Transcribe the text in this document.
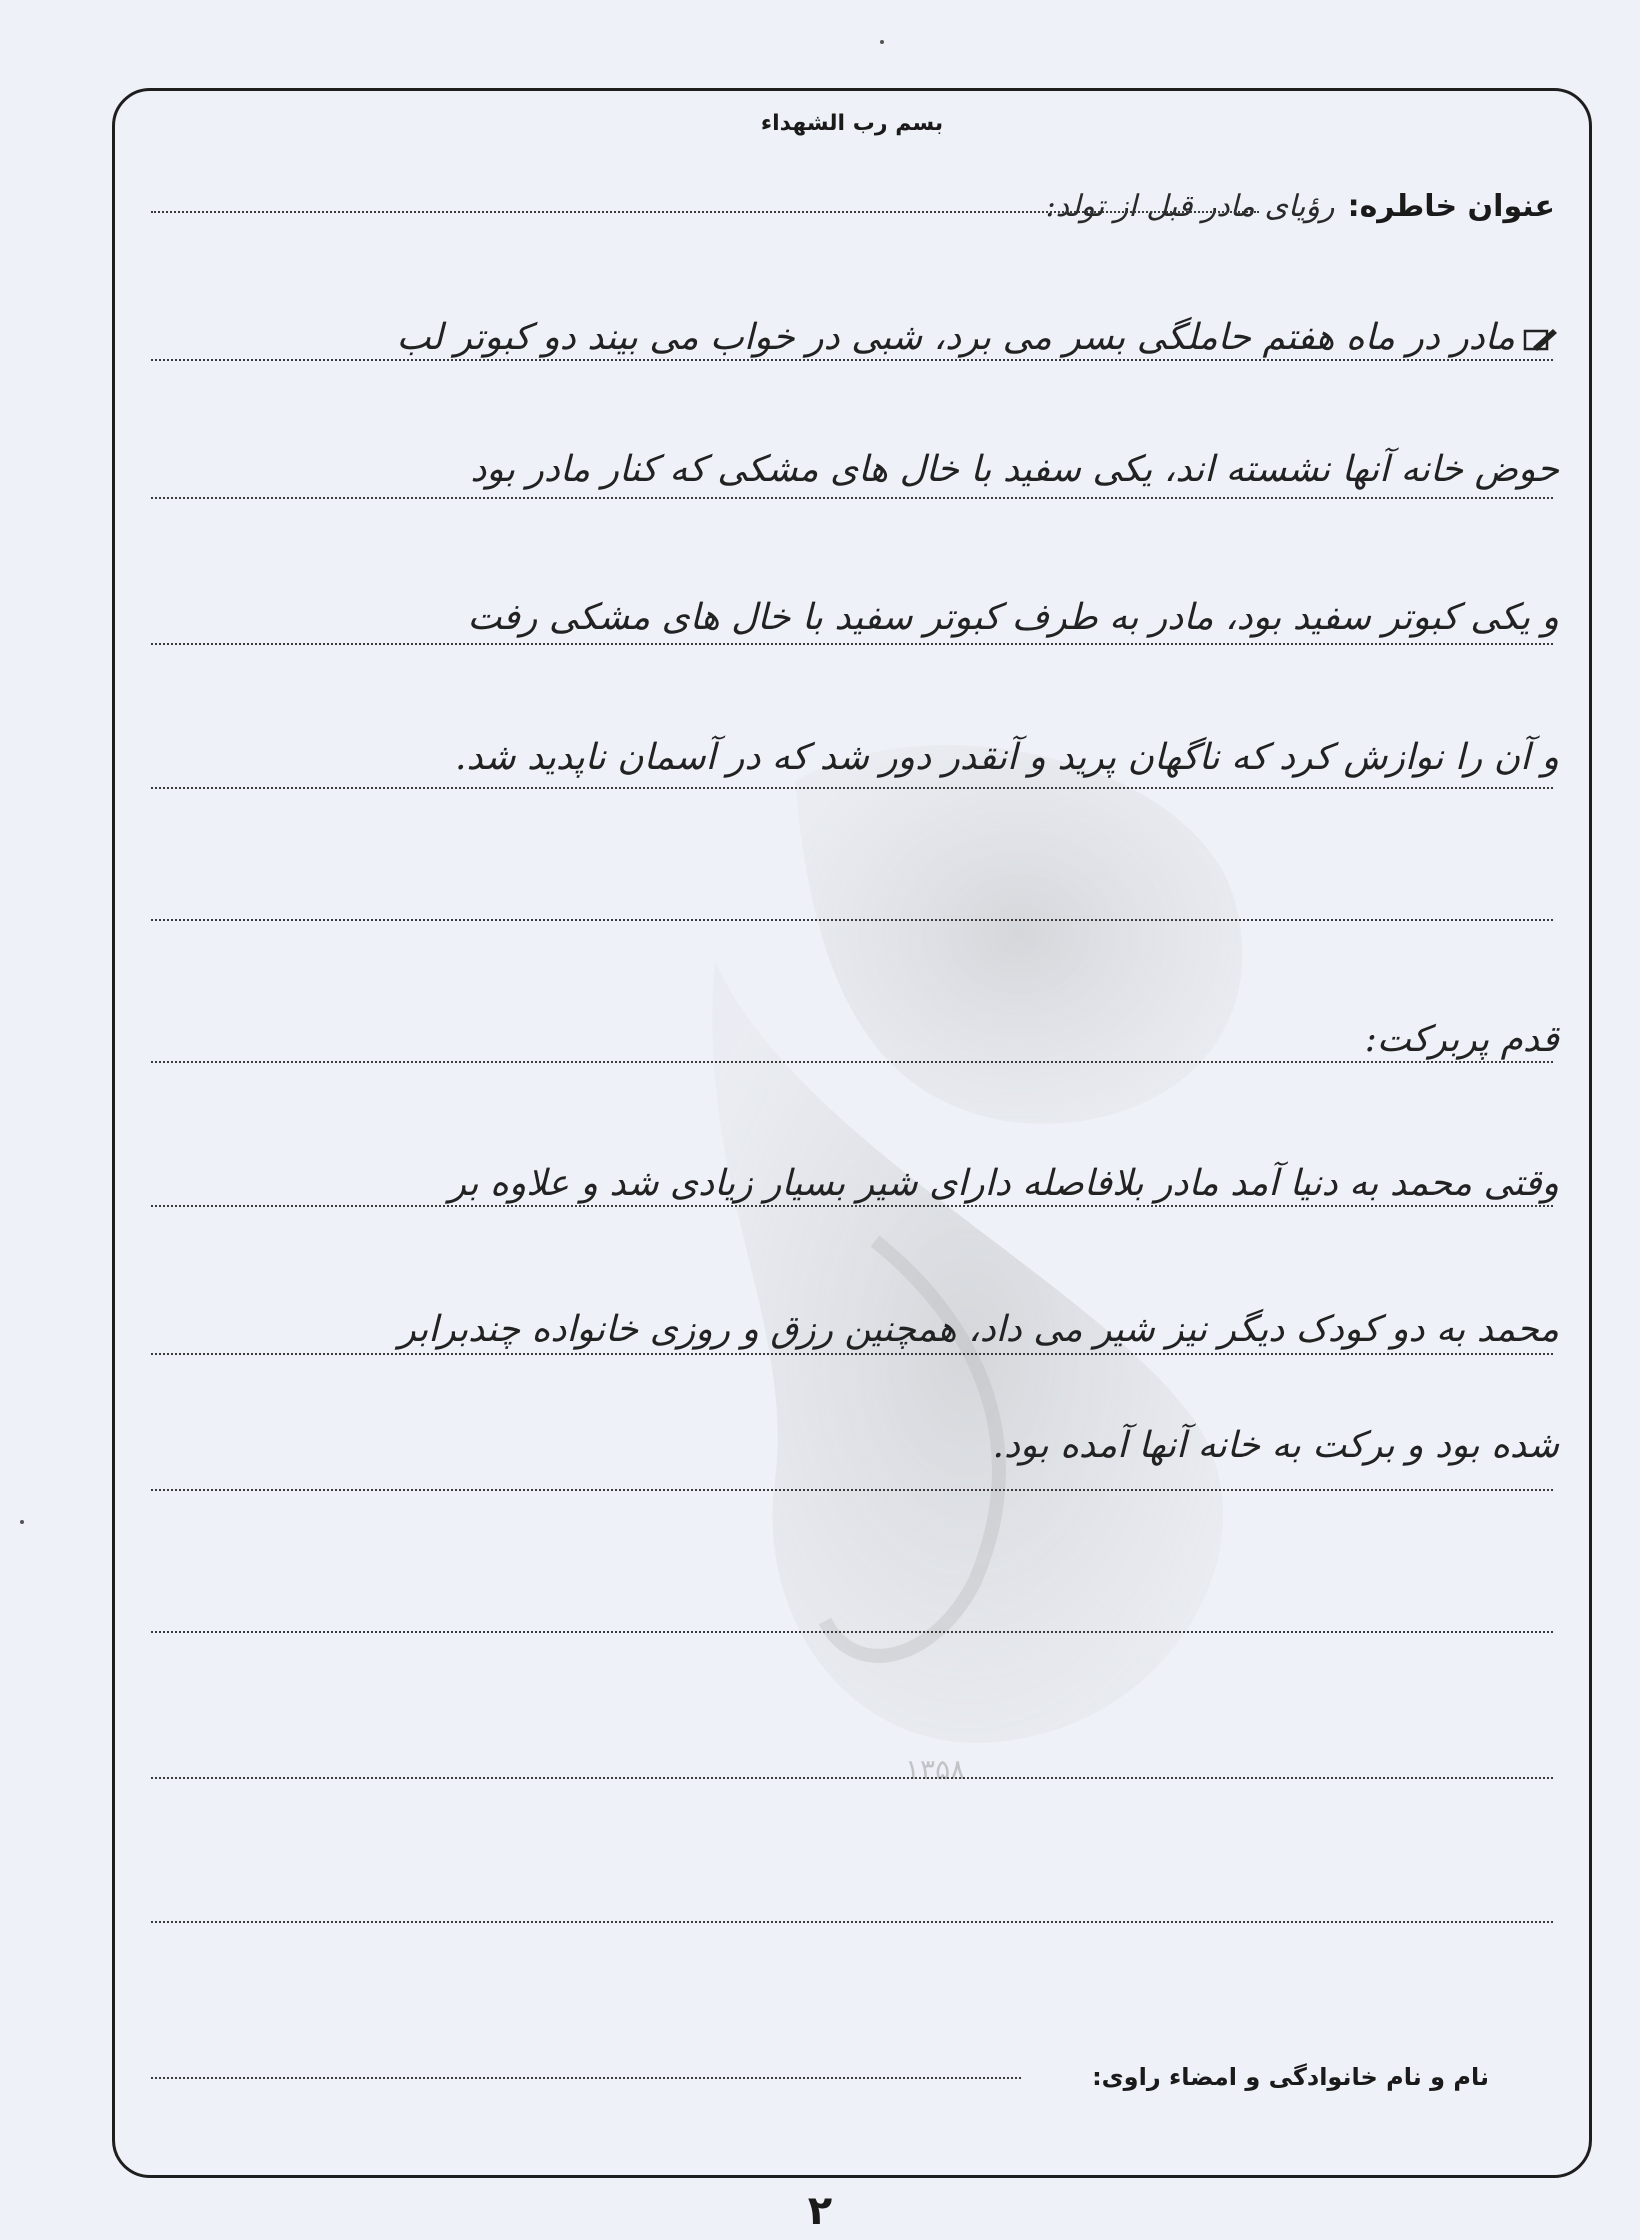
۱۳۵۸
بسم رب الشهداء
عنوان خاطره: رؤیای مادر قبل از تولد:
مادر در ماه هفتم حاملگی بسر می برد، شبی در خواب می بیند دو کبوتر لب
حوض خانه آنها نشسته اند، یکی سفید با خال های مشکی که کنار مادر بود
و یکی کبوتر سفید بود، مادر به طرف کبوتر سفید با خال های مشکی رفت
و آن را نوازش کرد که ناگهان پرید و آنقدر دور شد که در آسمان ناپدید شد.
قدم پربرکت:
وقتی محمد به دنیا آمد مادر بلافاصله دارای شیر بسیار زیادی شد و علاوه بر
محمد به دو کودک دیگر نیز شیر می داد، همچنین رزق و روزی خانواده چندبرابر
شده بود و برکت به خانه آنها آمده بود.
نام و نام خانوادگی و امضاء راوی:
۲
